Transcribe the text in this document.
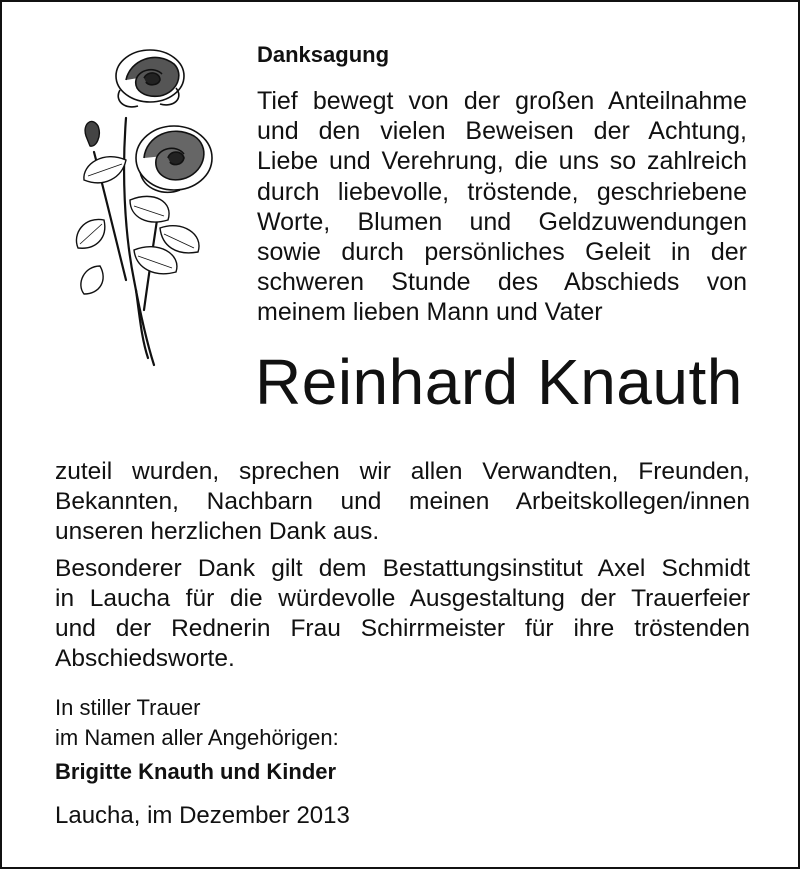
Danksagung
Tief bewegt von der großen Anteilnahme
und den vielen Beweisen der Achtung,
Liebe und Verehrung, die uns so zahlreich
durch liebevolle, tröstende, geschriebene
Worte, Blumen und Geldzuwendungen
sowie durch persönliches Geleit in der
schweren Stunde des Abschieds von
meinem lieben Mann und Vater
Reinhard Knauth

zuteil wurden, sprechen wir allen Verwandten, Freunden,
Bekannten, Nachbarn und meinen Arbeitskollegen/innen
unseren herzlichen Dank aus.

Besonderer Dank gilt dem Bestattungsinstitut Axel Schmidt
in Laucha für die würdevolle Ausgestaltung der Trauerfeier
und der Rednerin Frau Schirrmeister für ihre tröstenden
Abschiedsworte.

In stiller Trauer
im Namen aller Angehörigen:
Brigitte Knauth und Kinder
Laucha, im Dezember 2013
